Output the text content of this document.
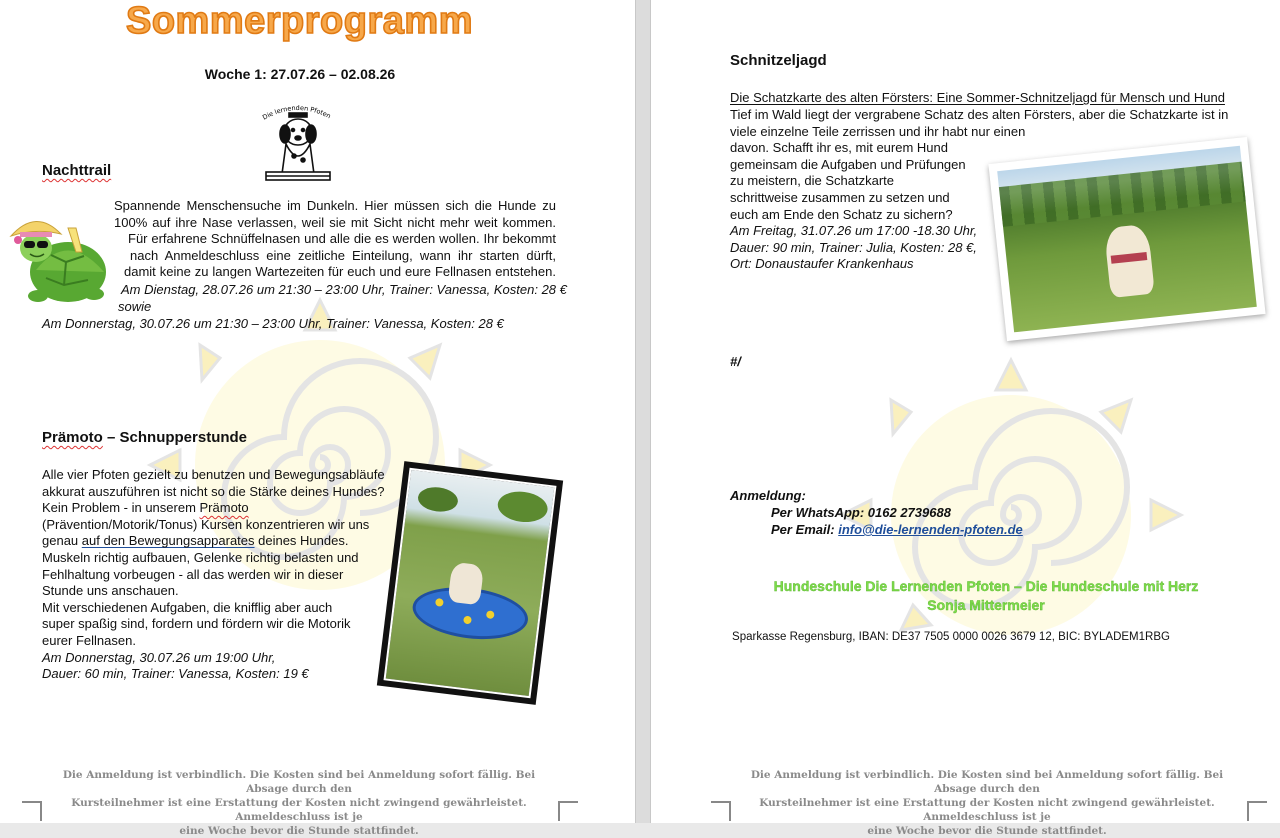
Sommerprogramm
Woche 1: 27.07.26 – 02.08.26
Die lernenden Pfoten
Nachttrail
Spannende Menschensuche im Dunkeln. Hier müssen sich die Hunde zu
100% auf ihre Nase verlassen, weil sie mit Sicht nicht mehr weit kommen.
Für erfahrene Schnüffelnasen und alle die es werden wollen. Ihr bekommt
nach Anmeldeschluss eine zeitliche Einteilung, wann ihr starten dürft,
damit keine zu langen Wartezeiten für euch und eure Fellnasen entstehen.
Am Dienstag, 28.07.26 um 21:30 – 23:00 Uhr, Trainer: Vanessa, Kosten: 28 €
sowie
Am Donnerstag, 30.07.26 um 21:30 – 23:00 Uhr, Trainer: Vanessa, Kosten: 28 €
Prämoto – Schnupperstunde
Alle vier Pfoten gezielt zu benutzen und Bewegungsabläufe
akkurat auszuführen ist nicht so die Stärke deines Hundes?
Kein Problem - in unserem Prämoto
(Prävention/Motorik/Tonus) Kursen konzentrieren wir uns
genau auf den Bewegungsapparates deines Hundes.
Muskeln richtig aufbauen, Gelenke richtig belasten und
Fehlhaltung vorbeugen - all das werden wir in dieser
Stunde uns anschauen.
Mit verschiedenen Aufgaben, die knifflig aber auch
super spaßig sind, fordern und fördern wir die Motorik
eurer Fellnasen.
Am Donnerstag, 30.07.26 um 19:00 Uhr,
Dauer: 60 min, Trainer: Vanessa, Kosten: 19 €
Die Anmeldung ist verbindlich. Die Kosten sind bei Anmeldung sofort fällig. Bei Absage durch den
Kursteilnehmer ist eine Erstattung der Kosten nicht zwingend gewährleistet. Anmeldeschluss ist je
eine Woche bevor die Stunde stattfindet.
Schnitzeljagd
Die Schatzkarte des alten Försters: Eine Sommer-Schnitzeljagd für Mensch und Hund
Tief im Wald liegt der vergrabene Schatz des alten Försters, aber die Schatzkarte ist in
viele einzelne Teile zerrissen und ihr habt nur einen
davon. Schafft ihr es, mit eurem Hund
gemeinsam die Aufgaben und Prüfungen
zu meistern, die Schatzkarte
schrittweise zusammen zu setzen und
euch am Ende den Schatz zu sichern?
Am Freitag, 31.07.26 um 17:00 -18.30 Uhr,
Dauer: 90 min, Trainer: Julia, Kosten: 28 €,
Ort: Donaustaufer Krankenhaus
#/
Anmeldung:
Per WhatsApp: 0162 2739688
Per Email: info@die-lernenden-pfoten.de
Hundeschule Die Lernenden Pfoten – Die Hundeschule mit Herz
Sonja Mittermeier
Sparkasse Regensburg, IBAN: DE37 7505 0000 0026 3679 12, BIC: BYLADEM1RBG
Die Anmeldung ist verbindlich. Die Kosten sind bei Anmeldung sofort fällig. Bei Absage durch den
Kursteilnehmer ist eine Erstattung der Kosten nicht zwingend gewährleistet. Anmeldeschluss ist je
eine Woche bevor die Stunde stattfindet.
